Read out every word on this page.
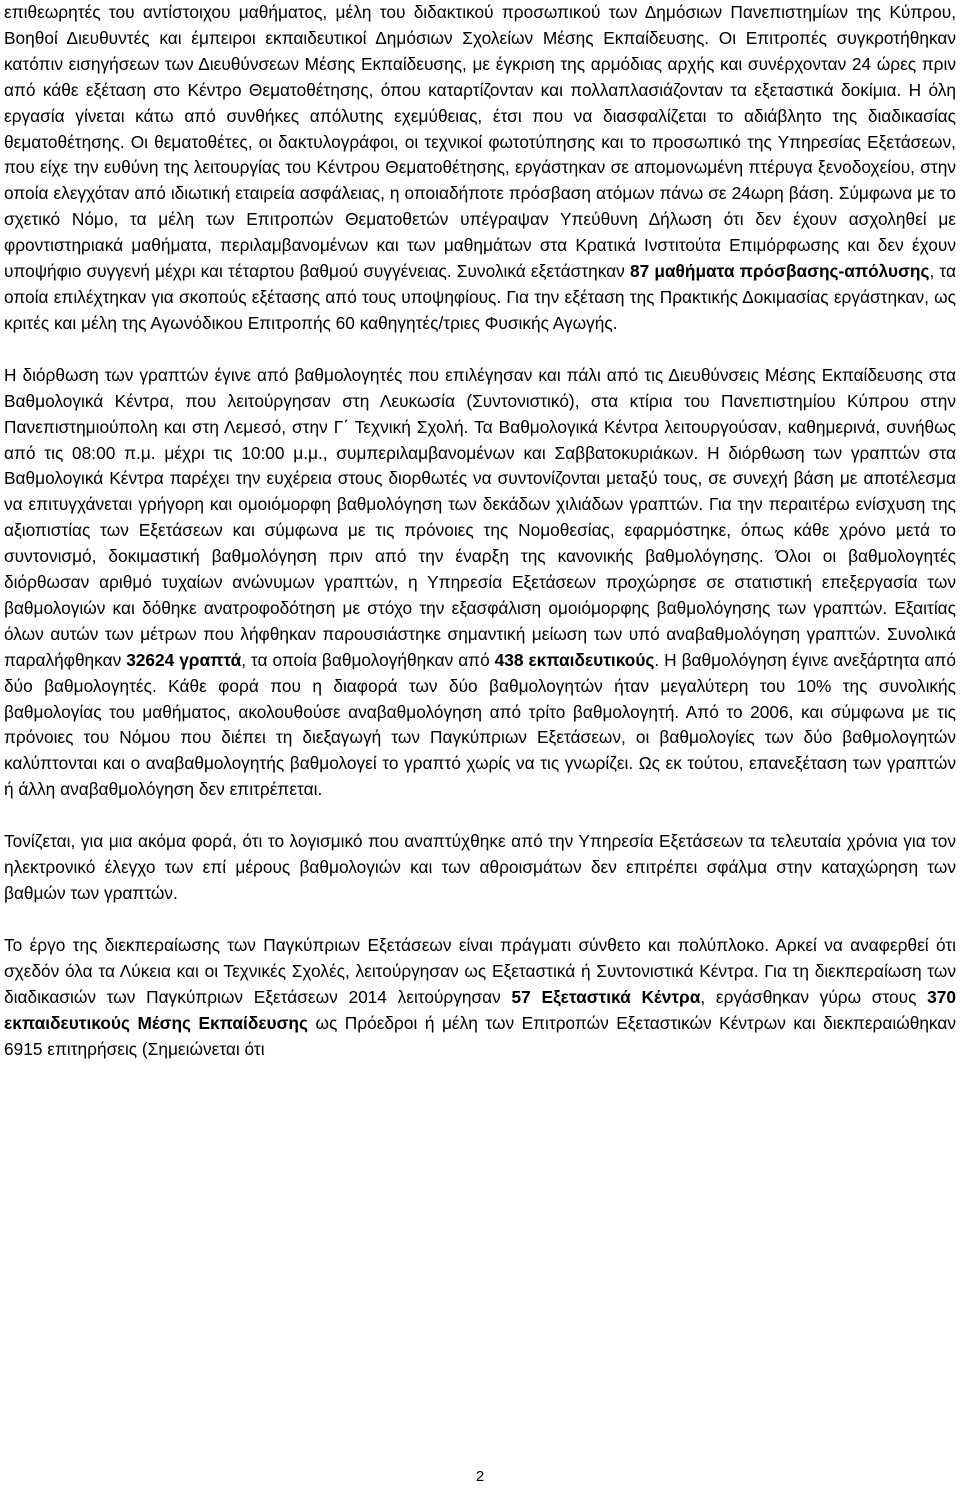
επιθεωρητές του αντίστοιχου μαθήματος, μέλη του διδακτικού προσωπικού των Δημόσιων Πανεπιστημίων της Κύπρου, Βοηθοί Διευθυντές και έμπειροι εκπαιδευτικοί Δημόσιων Σχολείων Μέσης Εκπαίδευσης. Οι Επιτροπές συγκροτήθηκαν κατόπιν εισηγήσεων των Διευθύνσεων Μέσης Εκπαίδευσης, με έγκριση της αρμόδιας αρχής και συνέρχονταν 24 ώρες πριν από κάθε εξέταση στο Κέντρο Θεματοθέτησης, όπου καταρτίζονταν και πολλαπλασιάζονταν τα εξεταστικά δοκίμια. Η όλη εργασία γίνεται κάτω από συνθήκες απόλυτης εχεμύθειας, έτσι που να διασφαλίζεται το αδιάβλητο της διαδικασίας θεματοθέτησης. Οι θεματοθέτες, οι δακτυλογράφοι, οι τεχνικοί φωτοτύπησης και το προσωπικό της Υπηρεσίας Εξετάσεων, που είχε την ευθύνη της λειτουργίας του Κέντρου Θεματοθέτησης, εργάστηκαν σε απομονωμένη πτέρυγα ξενοδοχείου, στην οποία ελεγχόταν από ιδιωτική εταιρεία ασφάλειας, η οποιαδήποτε πρόσβαση ατόμων πάνω σε 24ωρη βάση. Σύμφωνα με το σχετικό Νόμο, τα μέλη των Επιτροπών Θεματοθετών υπέγραψαν Υπεύθυνη Δήλωση ότι δεν έχουν ασχοληθεί με φροντιστηριακά μαθήματα, περιλαμβανομένων και των μαθημάτων στα Κρατικά Ινστιτούτα Επιμόρφωσης και δεν έχουν υποψήφιο συγγενή μέχρι και τέταρτου βαθμού συγγένειας. Συνολικά εξετάστηκαν 87 μαθήματα πρόσβασης-απόλυσης, τα οποία επιλέχτηκαν για σκοπούς εξέτασης από τους υποψηφίους. Για την εξέταση της Πρακτικής Δοκιμασίας εργάστηκαν, ως κριτές και μέλη της Αγωνόδικου Επιτροπής 60 καθηγητές/τριες Φυσικής Αγωγής.

Η διόρθωση των γραπτών έγινε από βαθμολογητές που επιλέγησαν και πάλι από τις Διευθύνσεις Μέσης Εκπαίδευσης στα Βαθμολογικά Κέντρα, που λειτούργησαν στη Λευκωσία (Συντονιστικό), στα κτίρια του Πανεπιστημίου Κύπρου στην Πανεπιστημιούπολη και στη Λεμεσό, στην Γ΄ Τεχνική Σχολή. Τα Βαθμολογικά Κέντρα λειτουργούσαν, καθημερινά, συνήθως από τις 08:00 π.μ. μέχρι τις 10:00 μ.μ., συμπεριλαμβανομένων και Σαββατοκυριάκων. Η διόρθωση των γραπτών στα Βαθμολογικά Κέντρα παρέχει την ευχέρεια στους διορθωτές να συντονίζονται μεταξύ τους, σε συνεχή βάση με αποτέλεσμα να επιτυγχάνεται γρήγορη και ομοιόμορφη βαθμολόγηση των δεκάδων χιλιάδων γραπτών. Για την περαιτέρω ενίσχυση της αξιοπιστίας των Εξετάσεων και σύμφωνα με τις πρόνοιες της Νομοθεσίας, εφαρμόστηκε, όπως κάθε χρόνο μετά το συντονισμό, δοκιμαστική βαθμολόγηση πριν από την έναρξη της κανονικής βαθμολόγησης. Όλοι οι βαθμολογητές διόρθωσαν αριθμό τυχαίων ανώνυμων γραπτών, η Υπηρεσία Εξετάσεων προχώρησε σε στατιστική επεξεργασία των βαθμολογιών και δόθηκε ανατροφοδότηση με στόχο την εξασφάλιση ομοιόμορφης βαθμολόγησης των γραπτών. Εξαιτίας όλων αυτών των μέτρων που λήφθηκαν παρουσιάστηκε σημαντική μείωση των υπό αναβαθμολόγηση γραπτών. Συνολικά παραλήφθηκαν 32624 γραπτά, τα οποία βαθμολογήθηκαν από 438 εκπαιδευτικούς. Η βαθμολόγηση έγινε ανεξάρτητα από δύο βαθμολογητές. Κάθε φορά που η διαφορά των δύο βαθμολογητών ήταν μεγαλύτερη του 10% της συνολικής βαθμολογίας του μαθήματος, ακολουθούσε αναβαθμολόγηση από τρίτο βαθμολογητή. Από το 2006, και σύμφωνα με τις πρόνοιες του Νόμου που διέπει τη διεξαγωγή των Παγκύπριων Εξετάσεων, οι βαθμολογίες των δύο βαθμολογητών καλύπτονται και ο αναβαθμολογητής βαθμολογεί το γραπτό χωρίς να τις γνωρίζει. Ως εκ τούτου, επανεξέταση των γραπτών ή άλλη αναβαθμολόγηση δεν επιτρέπεται.

Τονίζεται, για μια ακόμα φορά, ότι το λογισμικό που αναπτύχθηκε από την Υπηρεσία Εξετάσεων τα τελευταία χρόνια για τον ηλεκτρονικό έλεγχο των επί μέρους βαθμολογιών και των αθροισμάτων δεν επιτρέπει σφάλμα στην καταχώρηση των βαθμών των γραπτών.

Το έργο της διεκπεραίωσης των Παγκύπριων Εξετάσεων είναι πράγματι σύνθετο και πολύπλοκο. Αρκεί να αναφερθεί ότι σχεδόν όλα τα Λύκεια και οι Τεχνικές Σχολές, λειτούργησαν ως Εξεταστικά ή Συντονιστικά Κέντρα. Για τη διεκπεραίωση των διαδικασιών των Παγκύπριων Εξετάσεων 2014 λειτούργησαν 57 Εξεταστικά Κέντρα, εργάσθηκαν γύρω στους 370 εκπαιδευτικούς Μέσης Εκπαίδευσης ως Πρόεδροι ή μέλη των Επιτροπών Εξεταστικών Κέντρων και διεκπεραιώθηκαν 6915 επιτηρήσεις (Σημειώνεται ότι

2
